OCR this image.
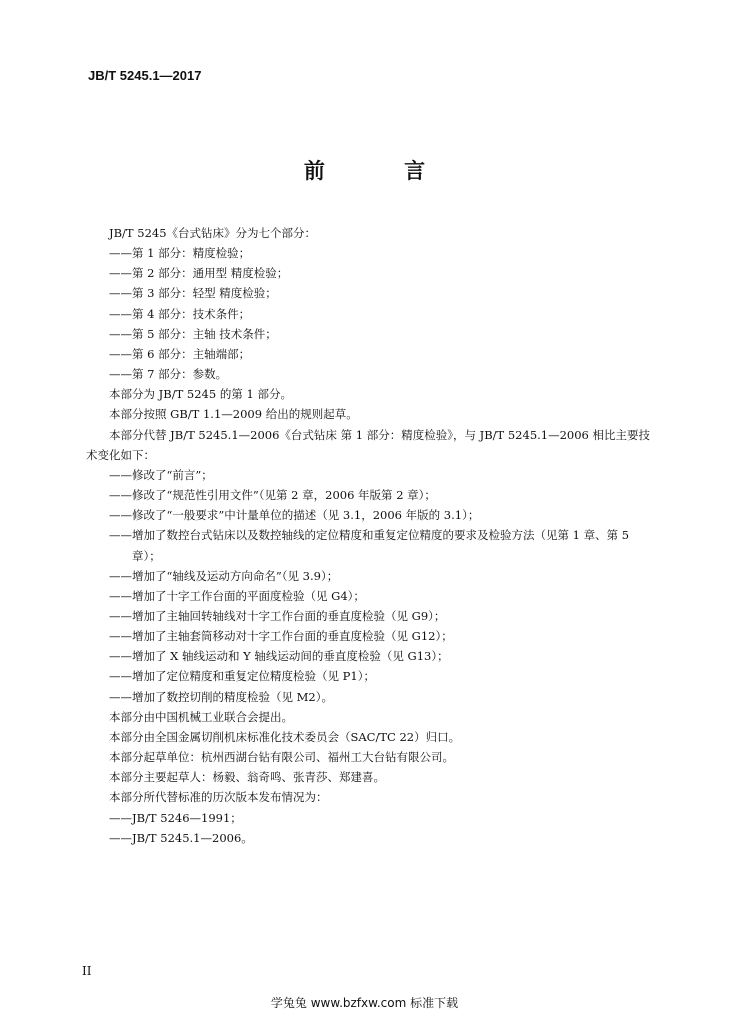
JB/T 5245.1—2017
前 言

JB/T 5245《台式钻床》分为七个部分：

——第 1 部分：精度检验；

——第 2 部分：通用型 精度检验；

——第 3 部分：轻型 精度检验；

——第 4 部分：技术条件；

——第 5 部分：主轴 技术条件；

——第 6 部分：主轴端部；

——第 7 部分：参数。

本部分为 JB/T 5245 的第 1 部分。

本部分按照 GB/T 1.1—2009 给出的规则起草。

本部分代替 JB/T 5245.1—2006《台式钻床 第 1 部分：精度检验》，与 JB/T 5245.1—2006 相比主要技术变化如下：

——修改了“前言”；

——修改了“规范性引用文件”（见第 2 章，2006 年版第 2 章）；

——修改了“一般要求”中计量单位的描述（见 3.1，2006 年版的 3.1）；

——增加了数控台式钻床以及数控轴线的定位精度和重复定位精度的要求及检验方法（见第 1 章、第 5 章）；

——增加了“轴线及运动方向命名”（见 3.9）；

——增加了十字工作台面的平面度检验（见 G4）；

——增加了主轴回转轴线对十字工作台面的垂直度检验（见 G9）；

——增加了主轴套筒移动对十字工作台面的垂直度检验（见 G12）；

——增加了 X 轴线运动和 Y 轴线运动间的垂直度检验（见 G13）；

——增加了定位精度和重复定位精度检验（见 P1）；

——增加了数控切削的精度检验（见 M2）。

本部分由中国机械工业联合会提出。

本部分由全国金属切削机床标准化技术委员会（SAC/TC 22）归口。

本部分起草单位：杭州西湖台钻有限公司、福州工大台钻有限公司。

本部分主要起草人：杨毅、翁奇鸣、张青莎、郑建喜。

本部分所代替标准的历次版本发布情况为：

——JB/T 5246—1991；

——JB/T 5245.1—2006。

II
学兔兔 www.bzfxw.com 标准下载
